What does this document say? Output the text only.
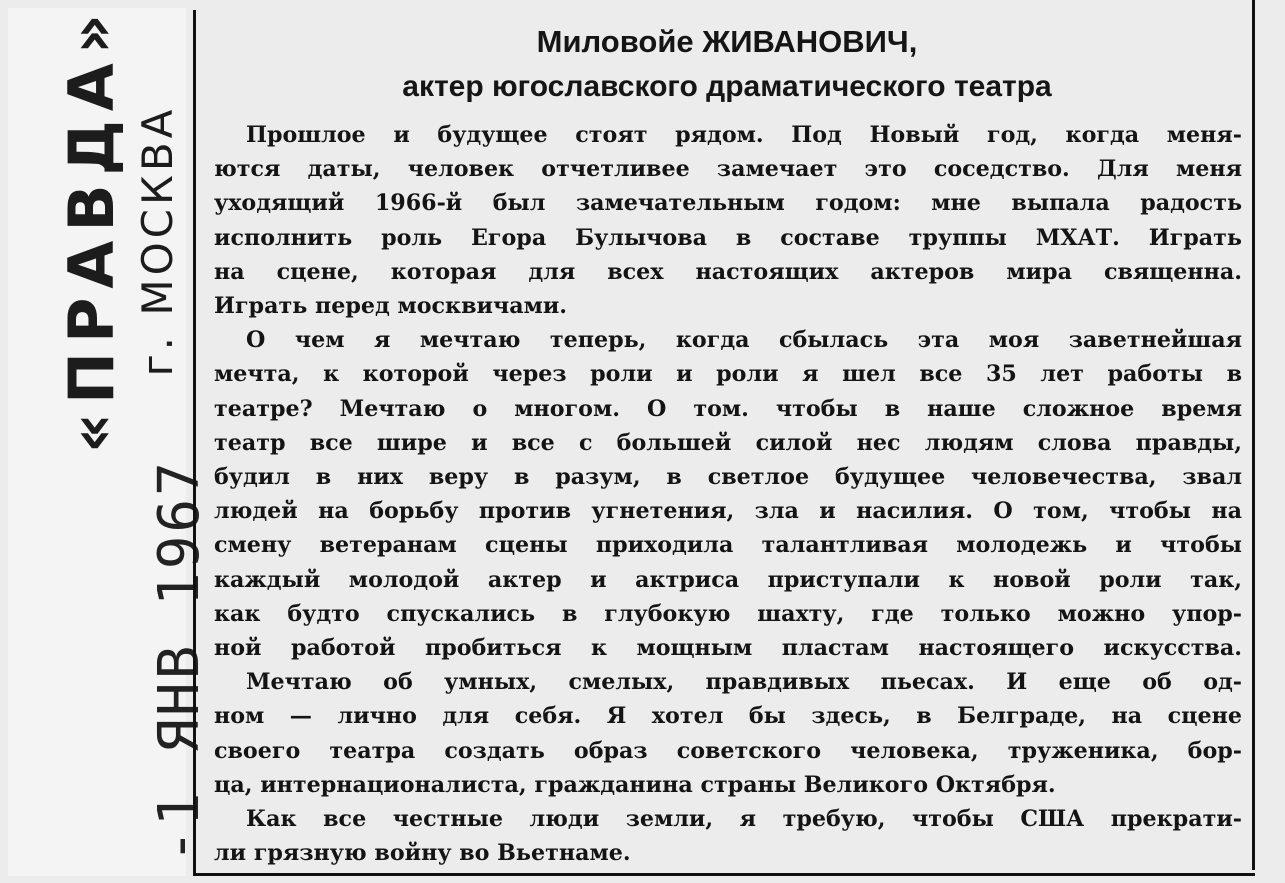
«ПРАВДА» г. МОСКВА
-1 ЯНВ 1967
Миловойе ЖИВАНОВИЧ,
актер югославского драматического театра
Прошлое и будущее стоят рядом. Под Новый год, когда меня-
ются даты, человек отчетливее замечает это соседство. Для меня
уходящий 1966-й был замечательным годом: мне выпала радость
исполнить роль Егора Булычова в составе труппы МХАТ. Играть
на сцене, которая для всех настоящих актеров мира священна.
Играть перед москвичами.
О чем я мечтаю теперь, когда сбылась эта моя заветнейшая
мечта, к которой через роли и роли я шел все 35 лет работы в
театре? Мечтаю о многом. О том. чтобы в наше сложное время
театр все шире и все с большей силой нес людям слова правды,
будил в них веру в разум, в светлое будущее человечества, звал
людей на борьбу против угнетения, зла и насилия. О том, чтобы на
смену ветеранам сцены приходила талантливая молодежь и чтобы
каждый молодой актер и актриса приступали к новой роли так,
как будто спускались в глубокую шахту, где только можно упор-
ной работой пробиться к мощным пластам настоящего искусства.
Мечтаю об умных, смелых, правдивых пьесах. И еще об од-
ном — лично для себя. Я хотел бы здесь, в Белграде, на сцене
своего театра создать образ советского человека, труженика, бор-
ца, интернационалиста, гражданина страны Великого Октября.
Как все честные люди земли, я требую, чтобы США прекрати-
ли грязную войну во Вьетнаме.
